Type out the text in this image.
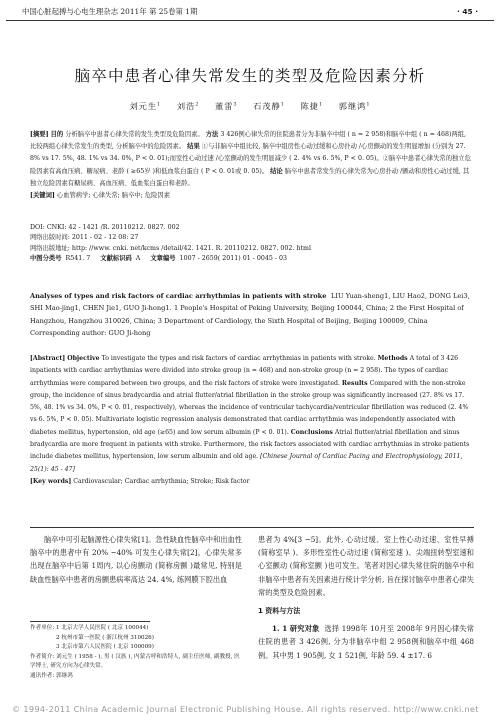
中国心脏起搏与心电生理杂志 2011年 第 25卷第 1期	· 45 ·
脑卒中患者心律失常发生的类型及危险因素分析
刘元生$^1$ 刘浩$^2$ 董雷$^3$ 石茂静$^1$ 陈捷$^1$ 郭继鸿$^1$
[摘要] 目的 分析脑卒中患者心律失常的发生类型及危险因素。 方法 3 426例心律失常的住院患者分为非脑卒中组 ( n = 2 958)和脑卒中组 ( n = 468)两组, 比较两组心律失常发生的类型, 分析脑卒中的危险因素。 结果 ①与非脑卒中组比较, 脑卒中组房性心动过缓和心房扑动 /心房颤动的发生明显增加 (分别为 27. 8% vs 17. 5%, 48. 1% vs 34. 0%, P < 0. 01);而室性心动过速 /心室颤动的发生明显减少 ( 2. 4% vs 6. 5%, P < 0. 05)。②脑卒中患者心律失常的独立危险因素有高血压病、糖尿病、老龄 ( ≥65岁 )和低血浆白蛋白 ( P < 0. 01或 0. 05)。 结论 脑卒中患者常发生的心律失常为心房扑动 /颤动和房性心动过缓, 其独立危险因素有糖尿病、高血压病、低血浆白蛋白和老龄。
[关键词] 心血管病学; 心律失常; 脑卒中; 危险因素
DOI: CNKI: 42 - 1421 /R. 20110212. 0827. 002
网络出版时间: 2011 - 02 - 12 08: 27
网络出版地址: http: //www. cnki. net/kcms /detail/42. 1421. R. 20110212. 0827. 002. html
中图分类号 R541. 7 文献标识码 A 文章编号 1007 - 2659( 2011) 01 - 0045 - 03
Analyses of types and risk factors of cardiac arrhythmias in patients with stroke LIU Yuan-sheng1, LIU Hao2, DONG Lei3, SHI Mao-jing1, CHEN Jie1, GUO Ji-hong1. 1 People's Hospital of Peking University, Beijing 100044, China; 2 the First Hospital of Hangzhou, Hangzhou 310026, China; 3 Department of Cardiology, the Sixth Hospital of Beijing, Beijing 100009, China
Corresponding author: GUO Ji-hong
[Abstract] Objective To investigate the types and risk factors of cardiac arrhythmias in patients with stroke. Methods A total of 3 426 inpatients with cardiac arrhythmias were divided into stroke group (n = 468) and non-stroke group (n = 2 958). The types of cardiac arrhythmias were compared between two groups, and the risk factors of stroke were investigated. Results Compared with the non-stroke group, the incidence of sinus bradycardia and atrial flutter/atrial fibrillation in the stroke group was significantly increased (27. 8% vs 17. 5%, 48. 1% vs 34. 0%, P < 0. 01, respectively), whereas the incidence of ventricular tachycardia/ventricular fibrillation was reduced (2. 4% vs 6. 5%, P < 0. 05). Multivariate logistic regression analysis demonstrated that cardiac arrhythmia was independently associated with diabetes mellitus, hypertension, old age (≥65) and low serum albumin (P < 0. 01). Conclusions Atrial flutter/atrial fibrillation and sinus bradycardia are more frequent in patients with stroke. Furthermore, the risk factors associated with cardiac arrhythmias in stroke patients include diabetes mellitus, hypertension, low serum albumin and old age. [Chinese Journal of Cardiac Pacing and Electrophysiology, 2011, 25(1): 45 - 47]
[Key words] Cardiovascular; Cardiac arrhythmia; Stroke; Risk factor
脑卒中可引起脑源性心律失常[1]。急性缺血性脑卒中和出血性脑卒中的患者中有 20% ~40% 可发生心律失常[2]。心律失常多出现在脑卒中后第 1周内, 以心房颤动 (简称房颤 )最常见, 特别是缺血性脑卒中患者的房颤患病率高达 24. 4%, 练网膜下腔出血
作者单位: 1 北京大学人民医院 ( 北京 100044)
2 杭州市第一医院 ( 浙江杭州 310026)
3 北京市第六人民医院 ( 北京 100009)
作者简介: 刘元生 ( 1958 - ), 男 ( 汉族 ), 内蒙古呼和浩特人, 副主任医师, 副教授, 医学博士, 研究方向为心律失常。
通讯作者: 郭继鸿
患者为 4%[3 ~5]。此外, 心动过缓、室上性心动过速、室性早搏 (简称室早 )、多形性室性心动过速 (简称室速 )、尖端扭转型室速和心室颤动 (简称室颤 )也可发生。笔者对因心律失常住院的脑卒中和非脑卒中患者有关因素进行统计学分析, 旨在探讨脑卒中患者心律失常的类型及危险因素。
1 资料与方法
1. 1 研究对象 选择 1998年 10月至 2008年 9月因心律失常住院的患者 3 426例, 分为非脑卒中组 2 958例和脑卒中组 468例。其中男 1 905例, 女 1 521例, 年龄 59. 4 ±17. 6
© 1994-2011 China Academic Journal Electronic Publishing House. All rights reserved. http://www.cnki.net
